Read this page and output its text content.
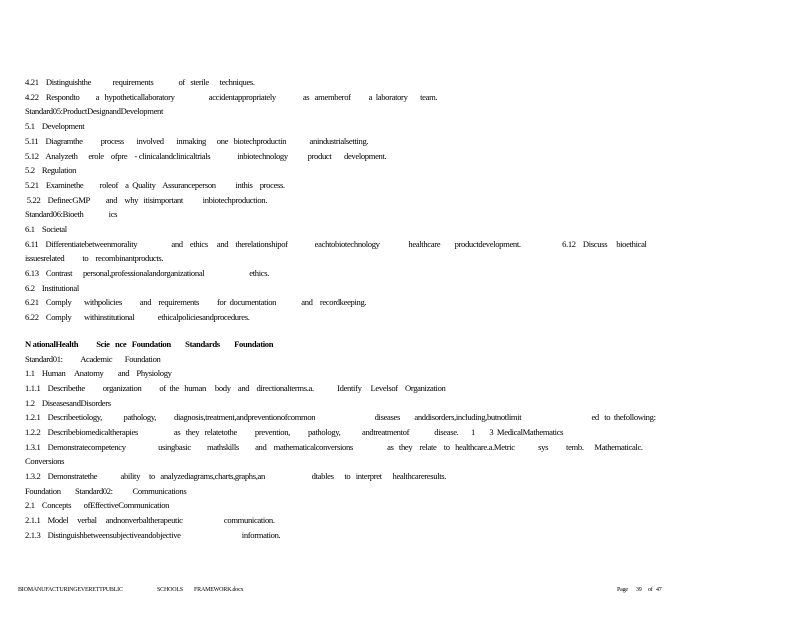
4.21    Distinguishthe            requirements              of   sterile      techniques.
4.22    Respondto         a   hypotheticallaboratory                   accidentappropriately               as   amemberof          a  laboratory       team.
Standard05:ProductDesignandDevelopment
5.1    Development
5.11    Diagramthe          process       involved       inmaking      one   biotechproductin             anindustrialsetting.
5.12    Analyzeth      erole    ofpre    - clinicalandclinicaltrials               inbiotechnology           product       development.
5.2    Regulation
5.21    Examinethe         roleof    a  Quality    Assuranceperson           inthis    process.
5.22    DefinecGMP         and    why   itisimportant           inbiotechproduction.
Standard06:Bioeth              ics
6.1    Societal
6.11    Differentiatebetweenmorality                   and    ethics     and    therelationshipof               eachtobiotechnology                healthcare        productdevelopment.                       6.12    Discuss     bioethical
issuesrelated          to    recombinantproducts.
6.13    Contrast      personal,professionalandorganizational                         ethics.
6.2    Institutional
6.21    Comply       withpolicies          and    requirements          for  documentation              and    recordkeeping.
6.22    Comply       withinstitutional             ethicalpoliciesandprocedures.
N ationalHealth          Scie   nce   Foundation        Standards        Foundation
Standard01:          Academic       Foundation
1.1    Human     Anatomy        and    Physiology
1.1.1    Describethe          organization          of  the   human     body    and    directionalterms.a.             Identify     Levelsof    Organization
1.2    DiseasesandDisorders
1.2.1    Describeetiology,            pathology,          diagnosis,treatment,andpreventionofcommon                                 diseases        anddisorders,including,butnotlimit                                       ed   to  thefollowing:
1.2.2    Describebiomedicaltherapies                    as   they   relatetothe          prevention,          pathology,            andtreatmentof              disease.       1        3  MedicalMathematics
1.3.1    Demonstratecompetency                  usingbasic         mathskills         and    mathematicalconversions                   as   they    relate    to   healthcare.a.Metric             sys          temb.      Mathematicalc.
Conversions
1.3.2    Demonstratethe             ability     to   analyzediagrams,charts,graphs,an                          dtables      to   interpret      healthcareresults.
Foundation        Standard02:           Communications
2.1    Concepts       ofEffectiveCommunication
2.1.1    Model     verbal     andnonverbaltherapeutic                       communication.
2.1.3    Distinguishbetweensubjectiveandobjective                                  information.
BIOMANUFACTURINGEVERETTPUBLIC	SCHOOLS FRAMEWORK.docx	Page 39 of 47
